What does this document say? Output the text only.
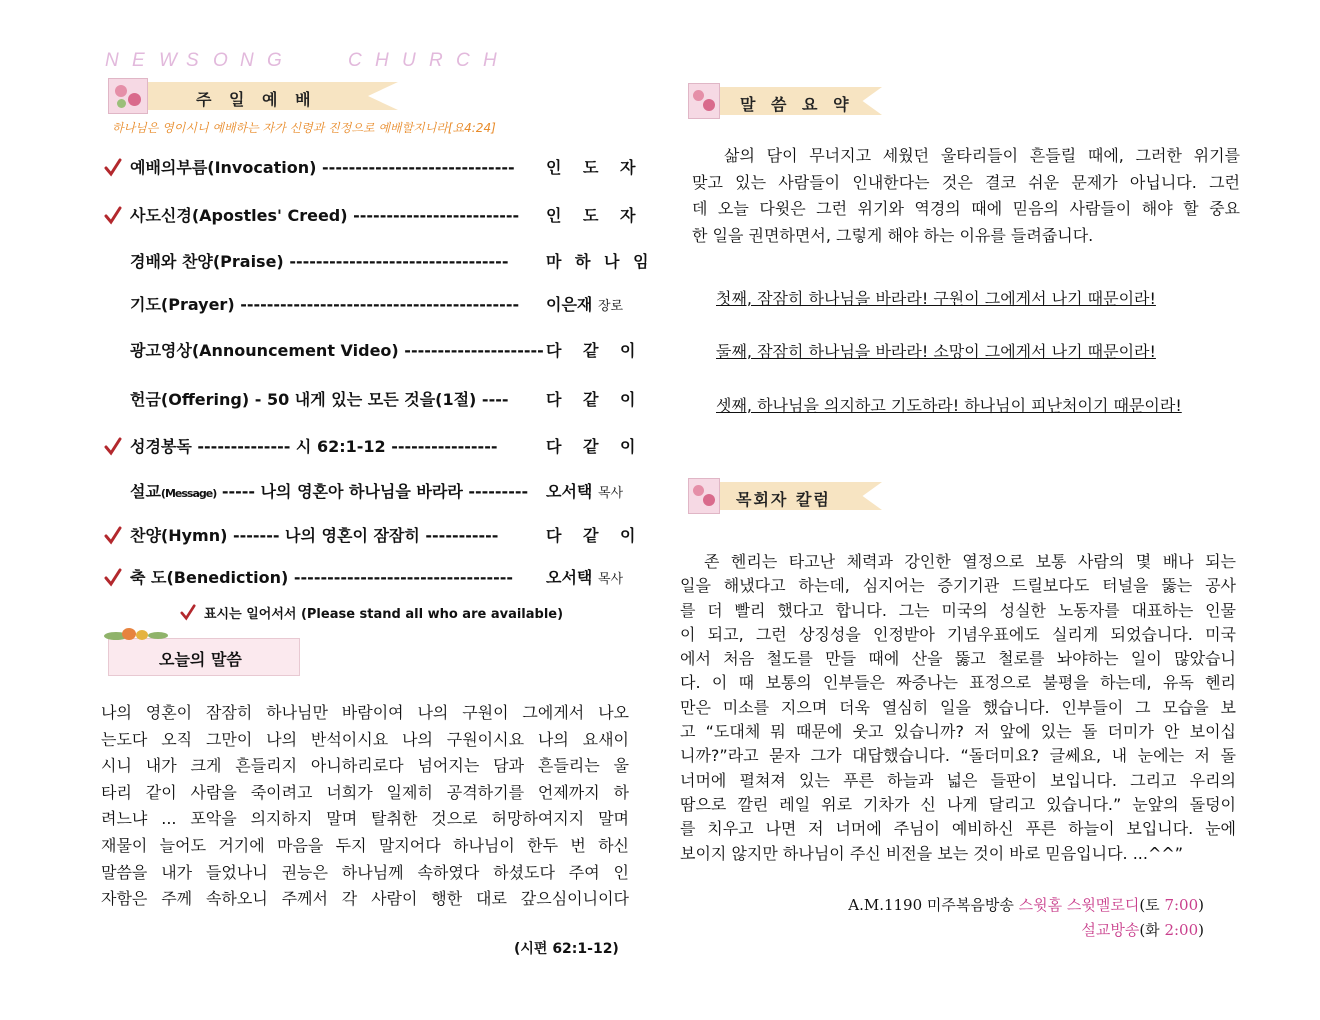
N E W S O N G	C H U R C H
주 일 예 배
하나님은 영이시니 예배하는 자가 신령과 진정으로 예배할지니라[요4:24]
예배의부름(Invocation) ----------------------------- 인 도 자
사도신경(Apostles' Creed) ------------------------- 인 도 자
경배와 찬양(Praise) --------------------------------- 마 하 나 임
기도(Prayer) ------------------------------------------ 이은재 장로
광고영상(Announcement Video) --------------------- 다 같 이
헌금(Offering) - 50 내게 있는 모든 것을(1절) ---- 다 같 이
성경봉독 -------------- 시 62:1-12 ----------------	다 같 이
설교(Message) ----- 나의 영혼아 하나님을 바라라 --------- 오서택 목사
찬양(Hymn) ------- 나의 영혼이 잠잠히 -----------	다 같 이
축 도(Benediction) --------------------------------- 오서택 목사
표시는 일어서서 (Please stand all who are available)
오늘의 말씀
나의 영혼이 잠잠히 하나님만 바람이여 나의 구원이 그에게서 나오
는도다 오직 그만이 나의 반석이시요 나의 구원이시요 나의 요새이
시니 내가 크게 흔들리지 아니하리로다 넘어지는 담과 흔들리는 울
타리 같이 사람을 죽이려고 너희가 일제히 공격하기를 언제까지 하
려느냐 ... 포악을 의지하지 말며 탈취한 것으로 허망하여지지 말며
재물이 늘어도 거기에 마음을 두지 말지어다 하나님이 한두 번 하신
말씀을 내가 들었나니 권능은 하나님께 속하였다 하셨도다 주여 인
자함은 주께 속하오니 주께서 각 사람이 행한 대로 갚으심이니이다
(시편 62:1-12)
말 씀 요 약
삶의 담이 무너지고 세웠던 울타리들이 흔들릴 때에, 그러한 위기를
맞고 있는 사람들이 인내한다는 것은 결코 쉬운 문제가 아닙니다. 그런
데 오늘 다윗은 그런 위기와 역경의 때에 믿음의 사람들이 해야 할 중요
한 일을 권면하면서, 그렇게 해야 하는 이유를 들려줍니다.
첫째, 잠잠히 하나님을 바라라! 구원이 그에게서 나기 때문이라!
둘째, 잠잠히 하나님을 바라라! 소망이 그에게서 나기 때문이라!
셋째, 하나님을 의지하고 기도하라! 하나님이 피난처이기 때문이라!
목회자 칼럼
존 헨리는 타고난 체력과 강인한 열정으로 보통 사람의 몇 배나 되는
일을 해냈다고 하는데, 심지어는 증기기관 드릴보다도 터널을 뚫는 공사
를 더 빨리 했다고 합니다. 그는 미국의 성실한 노동자를 대표하는 인물
이 되고, 그런 상징성을 인정받아 기념우표에도 실리게 되었습니다. 미국
에서 처음 철도를 만들 때에 산을 뚫고 철로를 놔야하는 일이 많았습니
다. 이 때 보통의 인부들은 짜증나는 표정으로 불평을 하는데, 유독 헨리
만은 미소를 지으며 더욱 열심히 일을 했습니다. 인부들이 그 모습을 보
고 “도대체 뭐 때문에 웃고 있습니까? 저 앞에 있는 돌 더미가 안 보이십
니까?”라고 묻자 그가 대답했습니다. “돌더미요? 글쎄요, 내 눈에는 저 돌
너머에 펼쳐져 있는 푸른 하늘과 넓은 들판이 보입니다. 그리고 우리의
땀으로 깔린 레일 위로 기차가 신 나게 달리고 있습니다.” 눈앞의 돌덩이
를 치우고 나면 저 너머에 주님이 예비하신 푸른 하늘이 보입니다. 눈에
보이지 않지만 하나님이 주신 비전을 보는 것이 바로 믿음입니다. ...^^”
A.M.1190 미주복음방송 스윗홈 스윗멜로디(토 7:00)
설교방송(화 2:00)
